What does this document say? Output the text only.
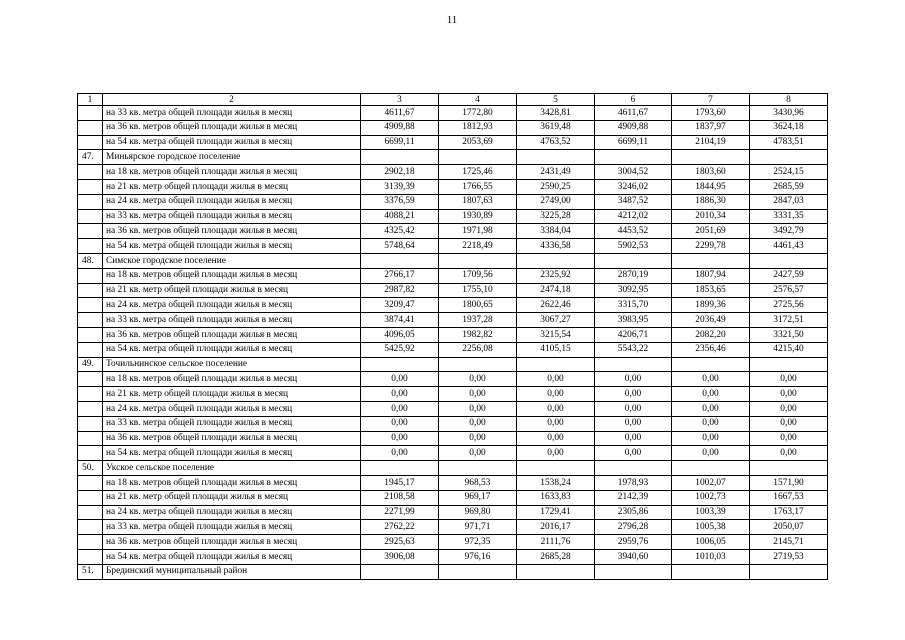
11
1	2	3	4	5	6	7	8
	на 33 кв. метра общей площади жилья в месяц	4611,67	1772,80	3428,81	4611,67	1793,60	3430,96
	на 36 кв. метров общей площади жилья в месяц	4909,88	1812,93	3619,48	4909,88	1837,97	3624,18
	на 54 кв. метра общей площади жилья в месяц	6699,11	2053,69	4763,52	6699,11	2104,19	4783,51
47.	Миньярское городское поселение						
	на 18 кв. метров общей площади жилья в месяц	2902,18	1725,46	2431,49	3004,52	1803,60	2524,15
	на 21 кв. метр общей площади жилья в месяц	3139,39	1766,55	2590,25	3246,02	1844,95	2685,59
	на 24 кв. метра общей площади жилья в месяц	3376,59	1807,63	2749,00	3487,52	1886,30	2847,03
	на 33 кв. метра общей площади жилья в месяц	4088,21	1930,89	3225,28	4212,02	2010,34	3331,35
	на 36 кв. метров общей площади жилья в месяц	4325,42	1971,98	3384,04	4453,52	2051,69	3492,79
	на 54 кв. метра общей площади жилья в месяц	5748,64	2218,49	4336,58	5902,53	2299,78	4461,43
48.	Симское городское поселение						
	на 18 кв. метров общей площади жилья в месяц	2766,17	1709,56	2325,92	2870,19	1807,94	2427,59
	на 21 кв. метр общей площади жилья в месяц	2987,82	1755,10	2474,18	3092,95	1853,65	2576,57
	на 24 кв. метра общей площади жилья в месяц	3209,47	1800,65	2622,46	3315,70	1899,36	2725,56
	на 33 кв. метра общей площади жилья в месяц	3874,41	1937,28	3067,27	3983,95	2036,49	3172,51
	на 36 кв. метров общей площади жилья в месяц	4096,05	1982,82	3215,54	4206,71	2082,20	3321,50
	на 54 кв. метра общей площади жилья в месяц	5425,92	2256,08	4105,15	5543,22	2356,46	4215,40
49.	Точильнинское сельское поселение						
	на 18 кв. метров общей площади жилья в месяц	0,00	0,00	0,00	0,00	0,00	0,00
	на 21 кв. метр общей площади жилья в месяц	0,00	0,00	0,00	0,00	0,00	0,00
	на 24 кв. метра общей площади жилья в месяц	0,00	0,00	0,00	0,00	0,00	0,00
	на 33 кв. метра общей площади жилья в месяц	0,00	0,00	0,00	0,00	0,00	0,00
	на 36 кв. метров общей площади жилья в месяц	0,00	0,00	0,00	0,00	0,00	0,00
	на 54 кв. метра общей площади жилья в месяц	0,00	0,00	0,00	0,00	0,00	0,00
50.	Укское сельское поселение						
	на 18 кв. метров общей площади жилья в месяц	1945,17	968,53	1538,24	1978,93	1002,07	1571,90
	на 21 кв. метр общей площади жилья в месяц	2108,58	969,17	1633,83	2142,39	1002,73	1667,53
	на 24 кв. метра общей площади жилья в месяц	2271,99	969,80	1729,41	2305,86	1003,39	1763,17
	на 33 кв. метра общей площади жилья в месяц	2762,22	971,71	2016,17	2796,28	1005,38	2050,07
	на 36 кв. метров общей площади жилья в месяц	2925,63	972,35	2111,76	2959,76	1006,05	2145,71
	на 54 кв. метра общей площади жилья в месяц	3906,08	976,16	2685,28	3940,60	1010,03	2719,53
51.	Брединский муниципальный район						
